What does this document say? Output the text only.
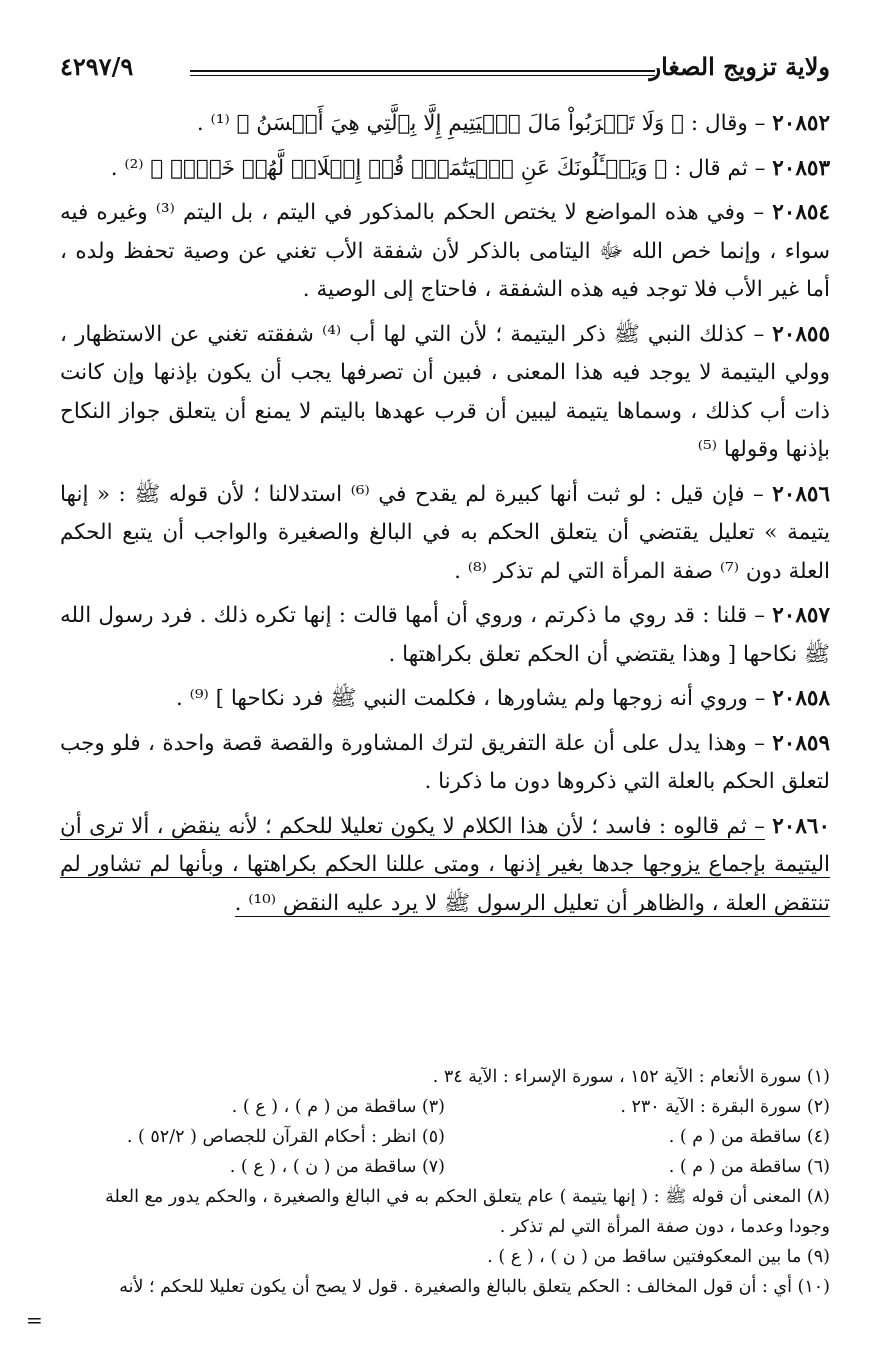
ولاية تزويج الصغار
٤٢٩٧/٩

٢٠٨٥٢ – وقال : ﴿ وَلَا تَقۡرَبُواْ مَالَ ٱلۡيَتِيمِ إِلَّا بِٱلَّتِي هِيَ أَحۡسَنُ ﴾ ⁽¹⁾ .

٢٠٨٥٣ – ثم قال : ﴿ وَيَسۡـَٔلُونَكَ عَنِ ٱلۡيَتَٰمَىٰۖ قُلۡ إِصۡلَاحٞ لَّهُمۡ خَيۡرٞ ﴾ ⁽²⁾ .

٢٠٨٥٤ – وفي هذه المواضع لا يختص الحكم بالمذكور في اليتم ، بل اليتم ⁽³⁾ وغيره فيه سواء ، وإنما خص الله ﷻ اليتامى بالذكر لأن شفقة الأب تغني عن وصية تحفظ ولده ، أما غير الأب فلا توجد فيه هذه الشفقة ، فاحتاج إلى الوصية .

٢٠٨٥٥ – كذلك النبي ﷺ ذكر اليتيمة ؛ لأن التي لها أب ⁽⁴⁾ شفقته تغني عن الاستظهار ، وولي اليتيمة لا يوجد فيه هذا المعنى ، فبين أن تصرفها يجب أن يكون بإذنها وإن كانت ذات أب كذلك ، وسماها يتيمة ليبين أن قرب عهدها باليتم لا يمنع أن يتعلق جواز النكاح بإذنها وقولها ⁽⁵⁾

٢٠٨٥٦ – فإن قيل : لو ثبت أنها كبيرة لم يقدح في ⁽⁶⁾ استدلالنا ؛ لأن قوله ﷺ : « إنها يتيمة » تعليل يقتضي أن يتعلق الحكم به في البالغ والصغيرة والواجب أن يتبع الحكم العلة دون ⁽⁷⁾ صفة المرأة التي لم تذكر ⁽⁸⁾ .

٢٠٨٥٧ – قلنا : قد روي ما ذكرتم ، وروي أن أمها قالت : إنها تكره ذلك . فرد رسول الله ﷺ نكاحها [ وهذا يقتضي أن الحكم تعلق بكراهتها .

٢٠٨٥٨ – وروي أنه زوجها ولم يشاورها ، فكلمت النبي ﷺ فرد نكاحها ] ⁽⁹⁾ .

٢٠٨٥٩ – وهذا يدل على أن علة التفريق لترك المشاورة والقصة قصة واحدة ، فلو وجب لتعلق الحكم بالعلة التي ذكروها دون ما ذكرنا .

٢٠٨٦٠ – ثم قالوه : فاسد ؛ لأن هذا الكلام لا يكون تعليلا للحكم ؛ لأنه ينقض ، ألا ترى أن اليتيمة بإجماع يزوجها جدها بغير إذنها ، ومتى عللنا الحكم بكراهتها ، وبأنها لم تشاور لم تنتقض العلة ، والظاهر أن تعليل الرسول ﷺ لا يرد عليه النقض ⁽¹⁰⁾ .

(١) سورة الأنعام : الآية ١٥٢ ، سورة الإسراء : الآية ٣٤ .
(٢) سورة البقرة : الآية ٢٣٠ .
(٣) ساقطة من ( م ) ، ( ع ) .
(٤) ساقطة من ( م ) .
(٥) انظر : أحكام القرآن للجصاص ( ٥٢/٢ ) .
(٦) ساقطة من ( م ) .
(٧) ساقطة من ( ن ) ، ( ع ) .
(٨) المعنى أن قوله ﷺ : ( إنها يتيمة ) عام يتعلق الحكم به في البالغ والصغيرة ، والحكم يدور مع العلة وجودا وعدما ، دون صفة المرأة التي لم تذكر .
(٩) ما بين المعكوفتين ساقط من ( ن ) ، ( ع ) .
(١٠) أي : أن قول المخالف : الحكم يتعلق بالبالغ والصغيرة . قول لا يصح أن يكون تعليلا للحكم ؛ لأنه
=
